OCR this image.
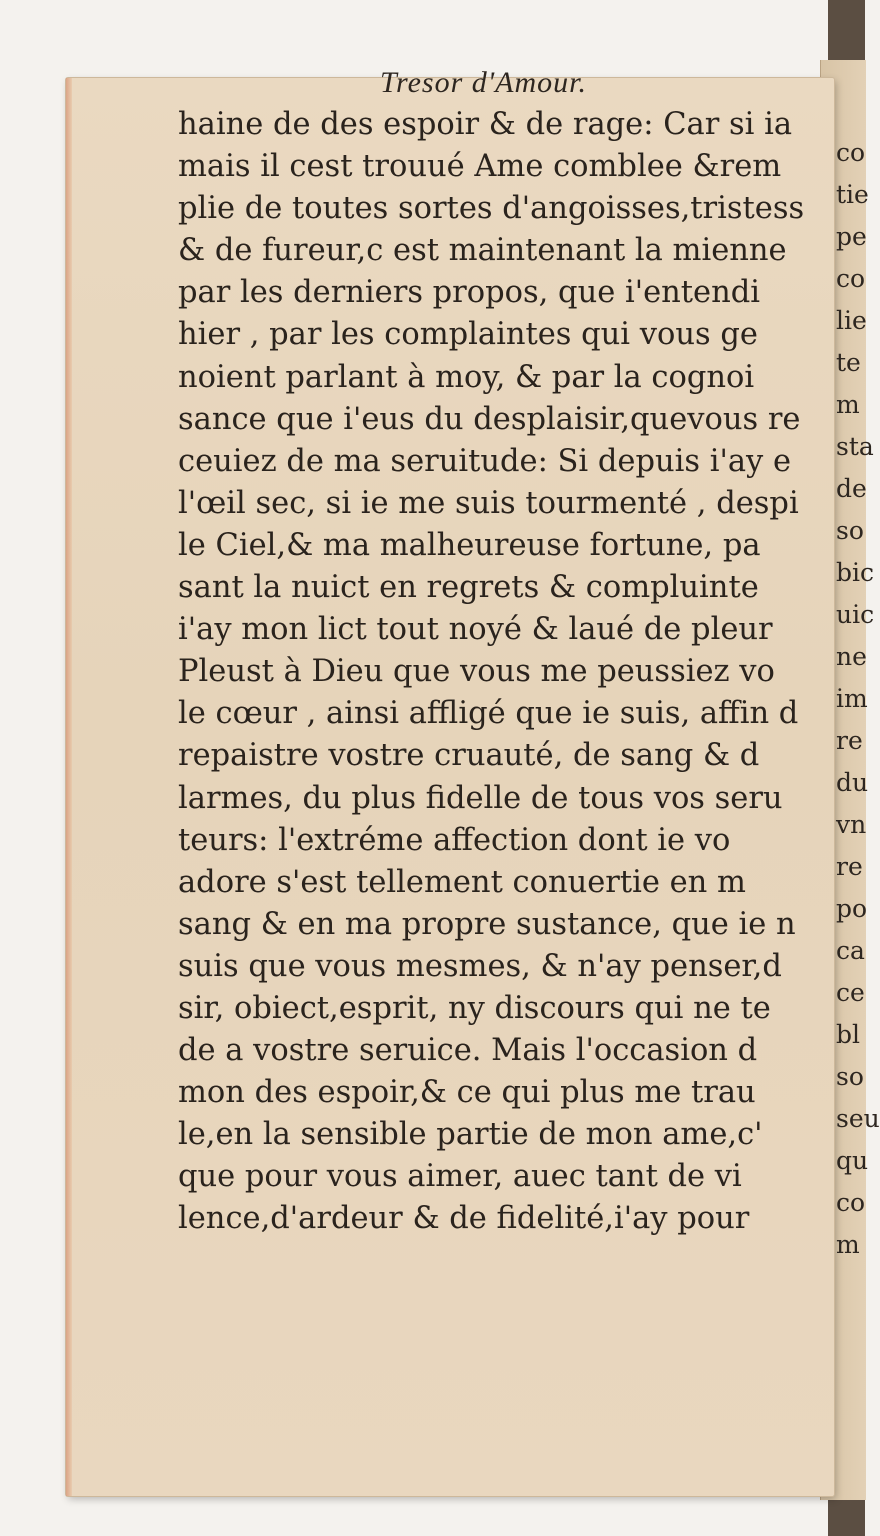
Tresor d'Amour.
haine de des espoir & de rage: Car si ia
mais il cest trouué Ame comblee &rem
plie de toutes sortes d'angoisses,tristess
& de fureur,c est maintenant la mienne
par les derniers propos, que i'entendi
hier , par les complaintes qui vous ge
noient parlant à moy, & par la cognoi
sance que i'eus du desplaisir,quevous re
ceuiez de ma seruitude: Si depuis i'ay e
l'œil sec, si ie me suis tourmenté , despi
le Ciel,& ma malheureuse fortune, pa
sant la nuict en regrets & compluinte
i'ay mon lict tout noyé & laué de pleur
Pleust à Dieu que vous me peussiez vo
le cœur , ainsi affligé que ie suis, affin d
repaistre vostre cruauté, de sang & d
larmes, du plus fidelle de tous vos seru
teurs: l'extréme affection dont ie vo
adore s'est tellement conuertie en m
sang & en ma propre sustance, que ie n
suis que vous mesmes, & n'ay penser,d
sir, obiect,esprit, ny discours qui ne te
de a vostre seruice. Mais l'occasion d
mon des espoir,& ce qui plus me trau
le,en la sensible partie de mon ame,c'
que pour vous aimer, auec tant de vi
lence,d'ardeur & de fidelité,i'ay pour
co
tie
pe
co
lie
te
m
sta
de
so
bic
uic
ne
im
re
du
vn
re
po
ca
ce
bl
so
seu
qu
co
m
